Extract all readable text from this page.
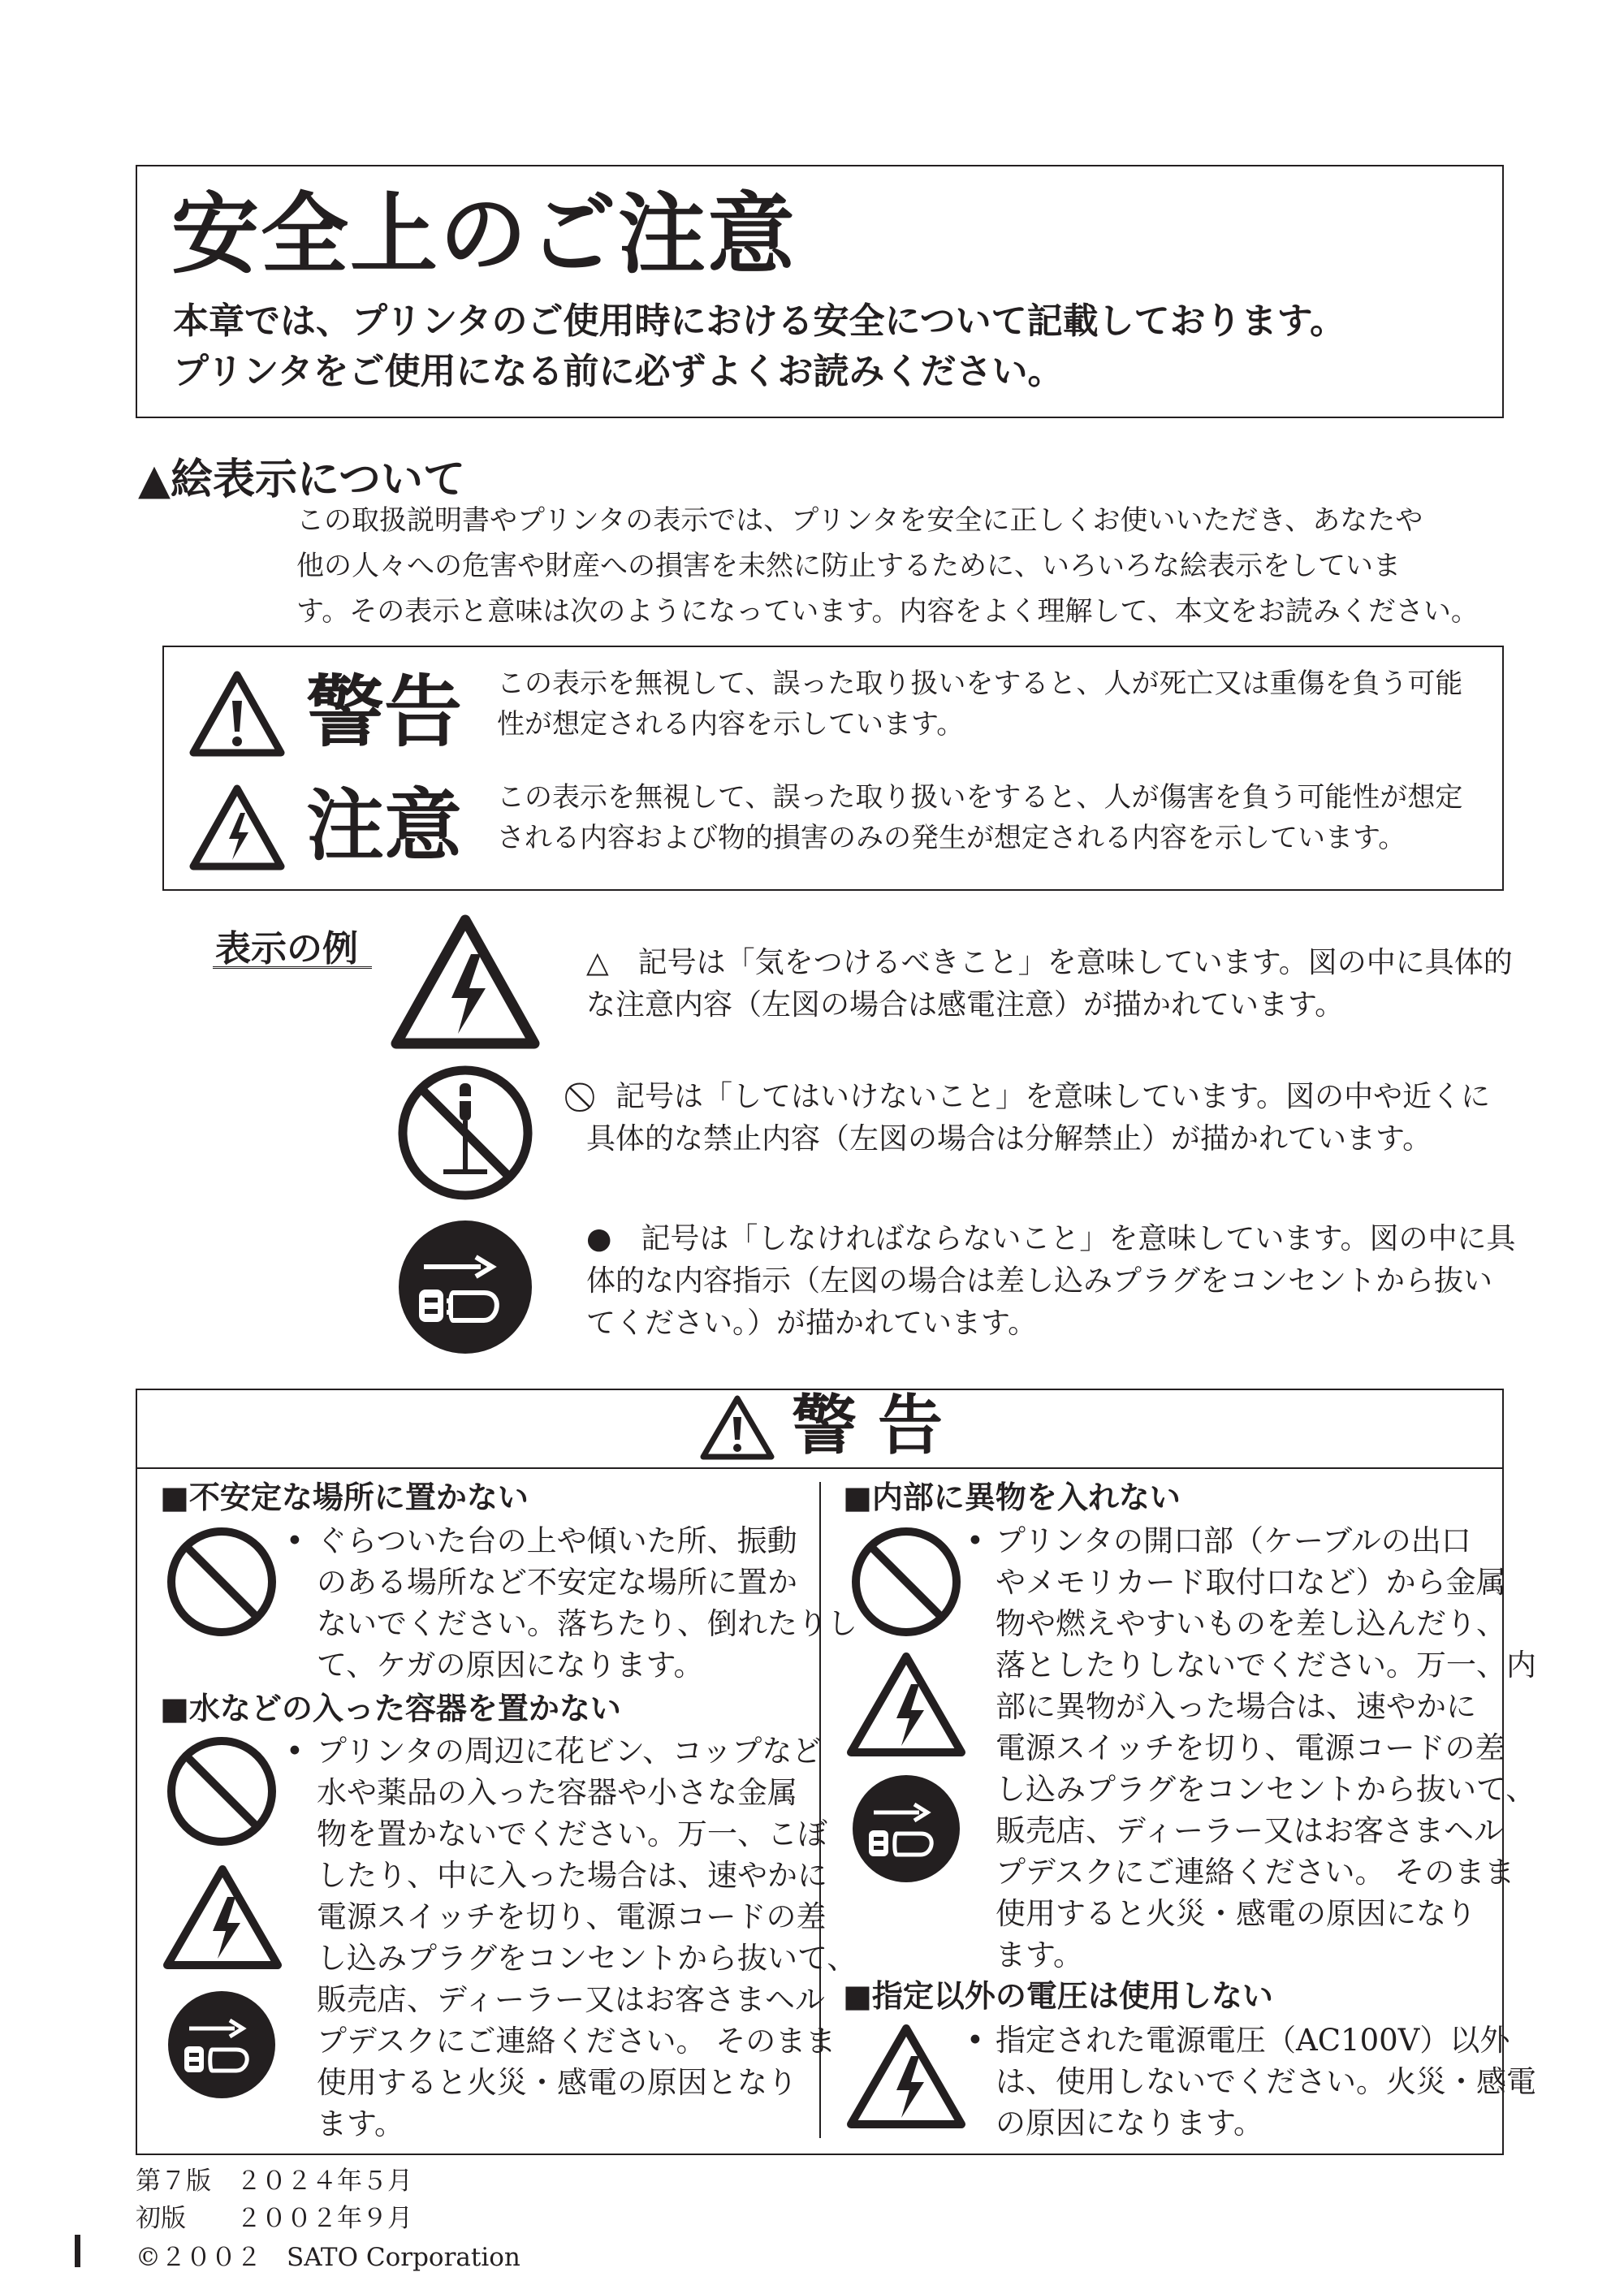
安全上のご注意
本章では、プリンタのご使用時における安全について記載しております。
プリンタをご使用になる前に必ずよくお読みください。
▲絵表示について
この取扱説明書やプリンタの表示では、プリンタを安全に正しくお使いいただき、あなたや
他の人々への危害や財産への損害を未然に防止するために、いろいろな絵表示をしていま
す。その表示と意味は次のようになっています。内容をよく理解して、本文をお読みください。
警告 この表示を無視して、誤った取り扱いをすると、人が死亡又は重傷を負う可能
性が想定される内容を示しています。
注意 この表示を無視して、誤った取り扱いをすると、人が傷害を負う可能性が想定
される内容および物的損害のみの発生が想定される内容を示しています。
表示の例	△　記号は「気をつけるべきこと」を意味しています。図の中に具体的
な注意内容（左図の場合は感電注意）が描かれています。
⃠　記号は「してはいけないこと」を意味しています。図の中や近くに
具体的な禁止内容（左図の場合は分解禁止）が描かれています。
●　記号は「しなければならないこと」を意味しています。図の中に具
体的な内容指示（左図の場合は差し込みプラグをコンセントから抜い
てください。）が描かれています。
警告
■不安定な場所に置かない
• ぐらついた台の上や傾いた所、振動
のある場所など不安定な場所に置か
ないでください。落ちたり、倒れたりし
て、ケガの原因になります。
■水などの入った容器を置かない
• プリンタの周辺に花ビン、コップなど
水や薬品の入った容器や小さな金属
物を置かないでください。万一、こぼ
したり、中に入った場合は、速やかに
電源スイッチを切り、電源コードの差
し込みプラグをコンセントから抜いて、
販売店、ディーラー又はお客さまヘル
プデスクにご連絡ください。 そのまま
使用すると火災・感電の原因となり
ます。
■内部に異物を入れない
• プリンタの開口部（ケーブルの出口
やメモリカード取付口など）から金属
物や燃えやすいものを差し込んだり、
落としたりしないでください。万一、内
部に異物が入った場合は、速やかに
電源スイッチを切り、電源コードの差
し込みプラグをコンセントから抜いて、
販売店、ディーラー又はお客さまヘル
プデスクにご連絡ください。 そのまま
使用すると火災・感電の原因になり
ます。
■指定以外の電圧は使用しない
• 指定された電源電圧（AC100V）以外
は、使用しないでください。火災・感電
の原因になります。
第７版　２０２４年５月
初版　　２００２年９月
©２００２　SATO Corporation
